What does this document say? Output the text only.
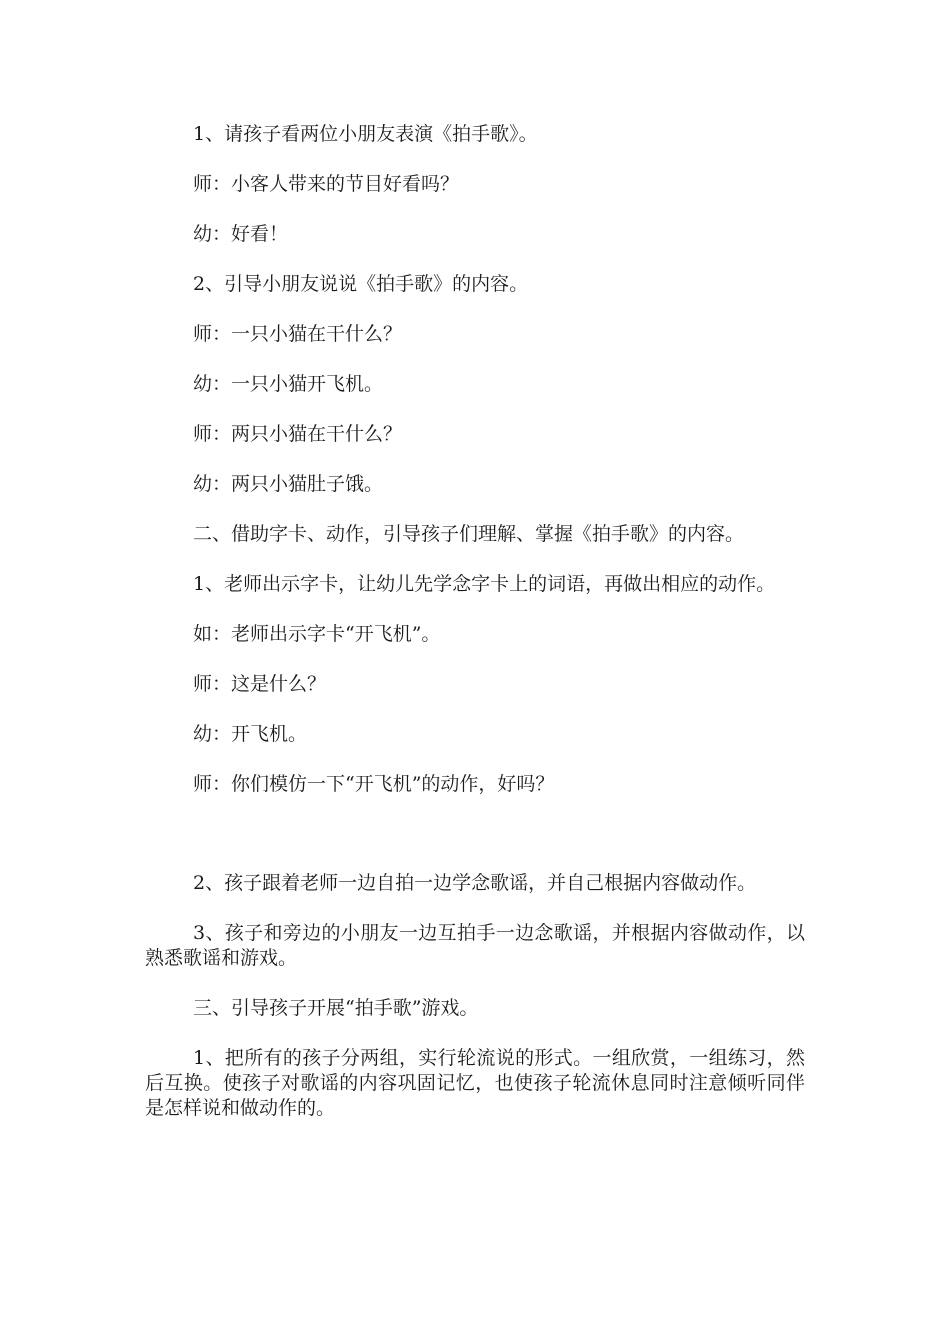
1、请孩子看两位小朋友表演《拍手歌》。

师：小客人带来的节目好看吗？

幼：好看！

2、引导小朋友说说《拍手歌》的内容。

师：一只小猫在干什么？

幼：一只小猫开飞机。

师：两只小猫在干什么？

幼：两只小猫肚子饿。

二、借助字卡、动作，引导孩子们理解、掌握《拍手歌》的内容。

1、老师出示字卡，让幼儿先学念字卡上的词语，再做出相应的动作。

如：老师出示字卡“开飞机”。

师：这是什么？

幼：开飞机。

师：你们模仿一下“开飞机”的动作，好吗？

2、孩子跟着老师一边自拍一边学念歌谣，并自己根据内容做动作。

3、孩子和旁边的小朋友一边互拍手一边念歌谣，并根据内容做动作，以熟悉歌谣和游戏。

三、引导孩子开展“拍手歌”游戏。

1、把所有的孩子分两组，实行轮流说的形式。一组欣赏，一组练习，然后互换。使孩子对歌谣的内容巩固记忆，也使孩子轮流休息同时注意倾听同伴是怎样说和做动作的。
